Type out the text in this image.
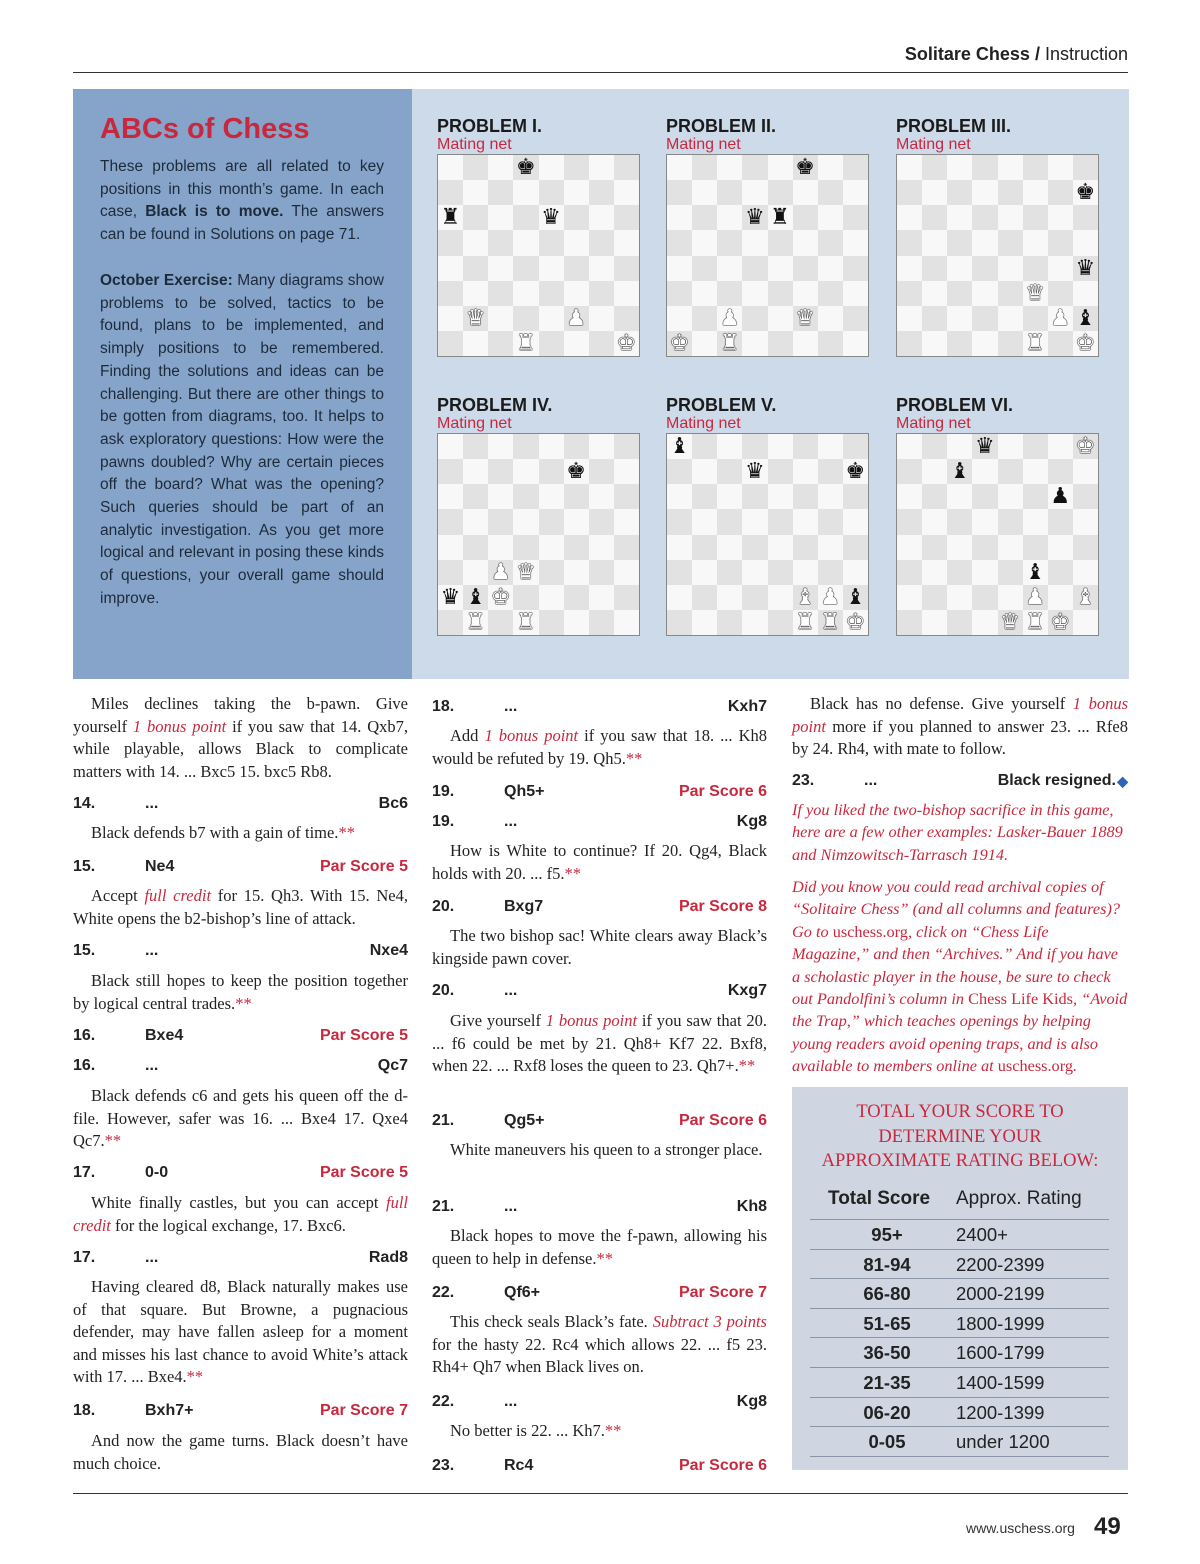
Solitare Chess / Instruction
ABCs of Chess
These problems are all related to key positions in this month’s game. In each case, Black is to move. The answers can be found in Solutions on page 71.
October Exercise: Many diagrams show problems to be solved, tactics to be found, plans to be implemented, and simply positions to be remembered. Finding the solutions and ideas can be challenging. But there are other things to be gotten from diagrams, too. It helps to ask exploratory questions: How were the pawns doubled? Why are certain pieces off the board? What was the opening? Such queries should be part of an analytic investigation. As you get more logical and relevant in posing these kinds of questions, your overall game should improve.
PROBLEM I.
Mating net
♚
♜	♛
♛	♟
♜	♚
PROBLEM II.
Mating net
♚
♛ ♜
♟	♛
♚ ♜
PROBLEM III.
Mating net
♚
♛
♛
♟ ♝
♜ ♚
PROBLEM IV.
Mating net
♚
♟ ♛
♛ ♝ ♚
♜ ♜
PROBLEM V.
Mating net
♝
♛	♚
♝ ♟ ♝
♜ ♜ ♚
PROBLEM VI.
Mating net
♛	♚
♝
♟
♝
♟ ♝
♛ ♜ ♚
Miles declines taking the b-pawn. Give yourself 1 bonus point if you saw that 14. Qxb7, while playable, allows Black to complicate matters with 14. ... Bxc5 15. bxc5 Rb8.
14.	...	Bc6
Black defends b7 with a gain of time.**
15.	Ne4	Par Score 5
Accept full credit for 15. Qh3. With 15. Ne4, White opens the b2-bishop’s line of attack.
15.	...	Nxe4
Black still hopes to keep the position together by logical central trades.**
16.	Bxe4	Par Score 5
16.	...	Qc7
Black defends c6 and gets his queen off the d-file. However, safer was 16. ... Bxe4 17. Qxe4 Qc7.**
17.	0-0	Par Score 5
White finally castles, but you can accept full credit for the logical exchange, 17. Bxc6.
17.	...	Rad8
Having cleared d8, Black naturally makes use of that square. But Browne, a pugnacious defender, may have fallen asleep for a moment and misses his last chance to avoid White’s attack with 17. ... Bxe4.**
18.	Bxh7+	Par Score 7
And now the game turns. Black doesn’t have much choice.
18.	...	Kxh7
Add 1 bonus point if you saw that 18. ... Kh8 would be refuted by 19. Qh5.**
19.	Qh5+	Par Score 6
19.	...	Kg8
How is White to continue? If 20. Qg4, Black holds with 20. ... f5.**
20.	Bxg7	Par Score 8
The two bishop sac! White clears away Black’s kingside pawn cover.
20.	...	Kxg7
Give yourself 1 bonus point if you saw that 20. ... f6 could be met by 21. Qh8+ Kf7 22. Bxf8, when 22. ... Rxf8 loses the queen to 23. Qh7+.**
21.	Qg5+	Par Score 6
White maneuvers his queen to a stronger place.
21.	...	Kh8
Black hopes to move the f-pawn, allowing his queen to help in defense.**
22.	Qf6+	Par Score 7
This check seals Black’s fate. Subtract 3 points for the hasty 22. Rc4 which allows 22. ... f5 23. Rh4+ Qh7 when Black lives on.
22.	...	Kg8
No better is 22. ... Kh7.**
23.	Rc4	Par Score 6
Black has no defense. Give yourself 1 bonus point more if you planned to answer 23. ... Rfe8 by 24. Rh4, with mate to follow.
23.	...	Black resigned. ◆
If you liked the two-bishop sacrifice in this game, here are a few other examples: Lasker-Bauer 1889 and Nimzowitsch-Tarrasch 1914.
Did you know you could read archival copies of “Solitaire Chess” (and all columns and features)? Go to uschess.org, click on “Chess Life Magazine,” and then “Archives.” And if you have a scholastic player in the house, be sure to check out Pandolfini’s column in Chess Life Kids, “Avoid the Trap,” which teaches openings by helping young readers avoid opening traps, and is also available to members online at uschess.org.
TOTAL YOUR SCORE TO
DETERMINE YOUR
APPROXIMATE RATING BELOW:
Total Score	Approx. Rating
95+	2400+
81-94	2200-2399
66-80	2000-2199
51-65	1800-1999
36-50	1600-1799
21-35	1400-1599
06-20	1200-1399
0-05	under 1200
www.uschess.org 49
